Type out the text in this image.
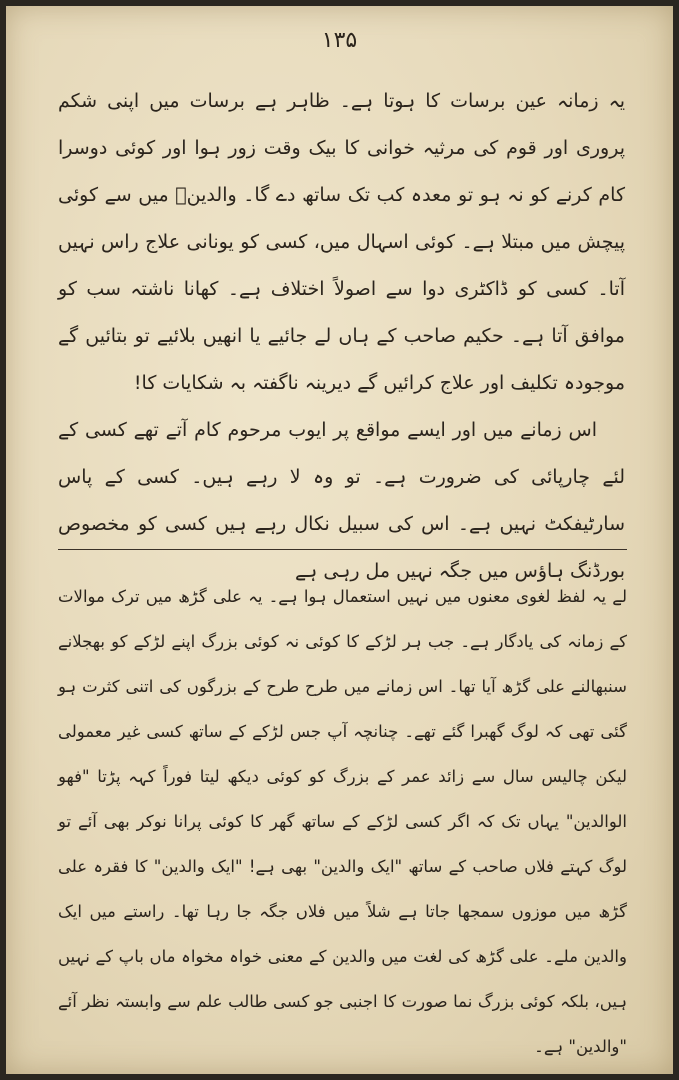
۱۳۵

یہ زمانہ عین برسات کا ہوتا ہے۔ ظاہر ہے برسات میں اپنی شکم پروری اور قوم کی مرثیہ خوانی کا بیک وقت زور ہوا اور کوئی دوسرا کام کرنے کو نہ ہو تو معدہ کب تک ساتھ دے گا۔ والدینؔ میں سے کوئی پیچش میں مبتلا ہے۔ کوئی اسہال میں، کسی کو یونانی علاج راس نہیں آتا۔ کسی کو ڈاکٹری دوا سے اصولاً اختلاف ہے۔ کھانا ناشتہ سب کو موافق آتا ہے۔ حکیم صاحب کے ہاں لے جائیے یا انھیں بلائیے تو بتائیں گے موجودہ تکلیف اور علاج کرائیں گے دیرینہ ناگفتہ بہ شکایات کا!

اس زمانے میں اور ایسے مواقع پر ایوب مرحوم کام آتے تھے کسی کے لئے چارپائی کی ضرورت ہے۔ تو وہ لا رہے ہیں۔ کسی کے پاس سارٹیفکٹ نہیں ہے۔ اس کی سبیل نکال رہے ہیں کسی کو مخصوص بورڈنگ ہاؤس میں جگہ نہیں مل رہی ہے

لے یہ لفظ لغوی معنوں میں نہیں استعمال ہوا ہے۔ یہ علی گڑھ میں ترک موالات کے زمانہ کی یادگار ہے۔ جب ہر لڑکے کا کوئی نہ کوئی بزرگ اپنے لڑکے کو بھجلانے سنبھالنے علی گڑھ آیا تھا۔ اس زمانے میں طرح طرح کے بزرگوں کی اتنی کثرت ہو گئی تھی کہ لوگ گھبرا گئے تھے۔ چنانچہ آپ جس لڑکے کے ساتھ کسی غیر معمولی لیکن چالیس سال سے زائد عمر کے بزرگ کو کوئی دیکھ لیتا فوراً کہہ پڑتا "فهو الوالدین" یہاں تک کہ اگر کسی لڑکے کے ساتھ گھر کا کوئی پرانا نوکر بھی آئے تو لوگ کہتے فلاں صاحب کے ساتھ "ایک والدین" بھی ہے! "ایک والدین" کا فقرہ علی گڑھ میں موزوں سمجھا جاتا ہے شلاً میں فلاں جگہ جا رہا تھا۔ راستے میں ایک والدین ملے۔ علی گڑھ کی لغت میں والدین کے معنی خواہ مخواہ ماں باپ کے نہیں ہیں، بلکہ کوئی بزرگ نما صورت کا اجنبی جو کسی طالب علم سے وابستہ نظر آئے "والدین" ہے۔
